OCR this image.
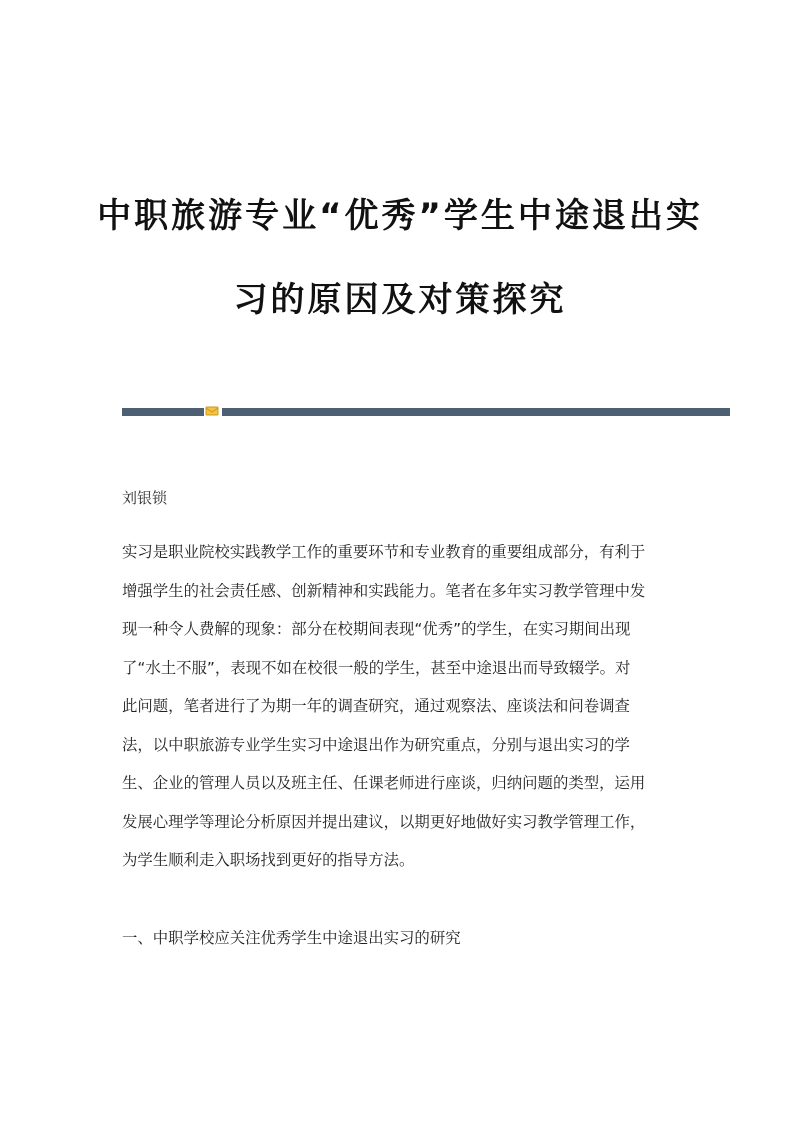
中职旅游专业“优秀”学生中途退出实
习的原因及对策探究
刘银锁

实习是职业院校实践教学工作的重要环节和专业教育的重要组成部分，有利于
增强学生的社会责任感、创新精神和实践能力。笔者在多年实习教学管理中发
现一种令人费解的现象：部分在校期间表现“优秀”的学生，在实习期间出现
了“水土不服”，表现不如在校很一般的学生，甚至中途退出而导致辍学。对
此问题，笔者进行了为期一年的调查研究，通过观察法、座谈法和问卷调查
法，以中职旅游专业学生实习中途退出作为研究重点，分别与退出实习的学
生、企业的管理人员以及班主任、任课老师进行座谈，归纳问题的类型，运用
发展心理学等理论分析原因并提出建议，以期更好地做好实习教学管理工作，
为学生顺利走入职场找到更好的指导方法。

一、中职学校应关注优秀学生中途退出实习的研究
